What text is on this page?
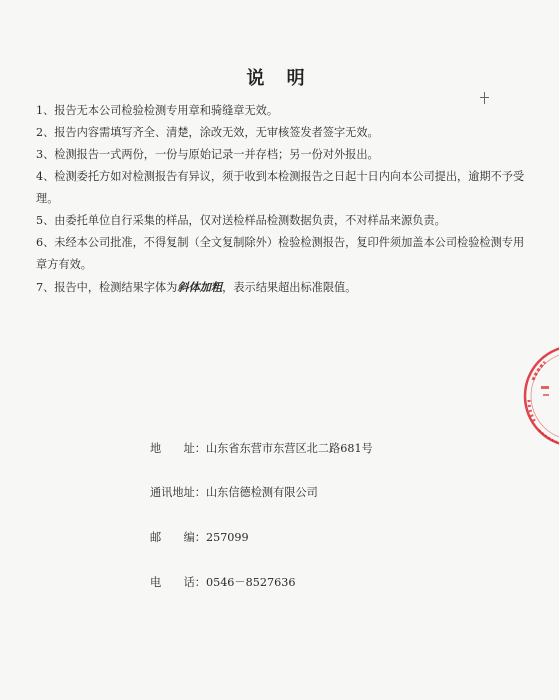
说 明
1、报告无本公司检验检测专用章和骑缝章无效。
2、报告内容需填写齐全、清楚，涂改无效，无审核签发者签字无效。
3、检测报告一式两份，一份与原始记录一并存档；另一份对外报出。
4、检测委托方如对检测报告有异议，须于收到本检测报告之日起十日内向本公司提出，逾期不予受理。
5、由委托单位自行采集的样品，仅对送检样品检测数据负责，不对样品来源负责。
6、未经本公司批准，不得复制（全文复制除外）检验检测报告，复印件须加盖本公司检验检测专用章方有效。
7、报告中，检测结果字体为斜体加粗，表示结果超出标准限值。
地　　址：山东省东营市东营区北二路681号
通讯地址：山东信德检测有限公司
邮　　编：257099
电　　话：0546－8527636
